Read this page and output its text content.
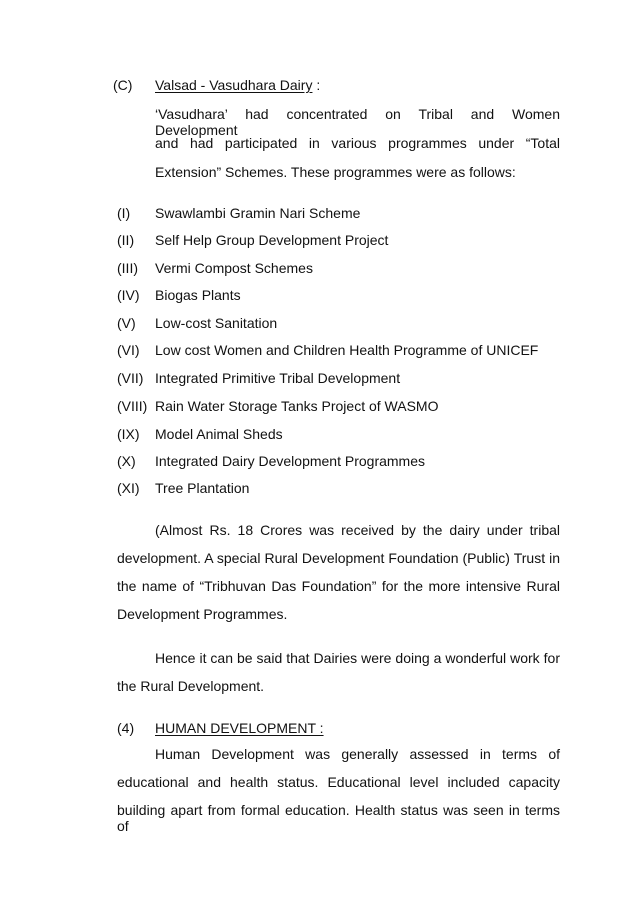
(C) Valsad - Vasudhara Dairy :
‘Vasudhara’ had concentrated on Tribal and Women Development
and had participated in various programmes under “Total
Extension” Schemes. These programmes were as follows:
(I) Swawlambi Gramin Nari Scheme
(II) Self Help Group Development Project
(III) Vermi Compost Schemes
(IV) Biogas Plants
(V) Low-cost Sanitation
(VI) Low cost Women and Children Health Programme of UNICEF
(VII) Integrated Primitive Tribal Development
(VIII) Rain Water Storage Tanks Project of WASMO
(IX) Model Animal Sheds
(X) Integrated Dairy Development Programmes
(XI) Tree Plantation
(Almost Rs. 18 Crores was received by the dairy under tribal
development. A special Rural Development Foundation (Public) Trust in
the name of “Tribhuvan Das Foundation” for the more intensive Rural
Development Programmes.
Hence it can be said that Dairies were doing a wonderful work for
the Rural Development.
(4) HUMAN DEVELOPMENT :
Human Development was generally assessed in terms of
educational and health status. Educational level included capacity
building apart from formal education. Health status was seen in terms of
